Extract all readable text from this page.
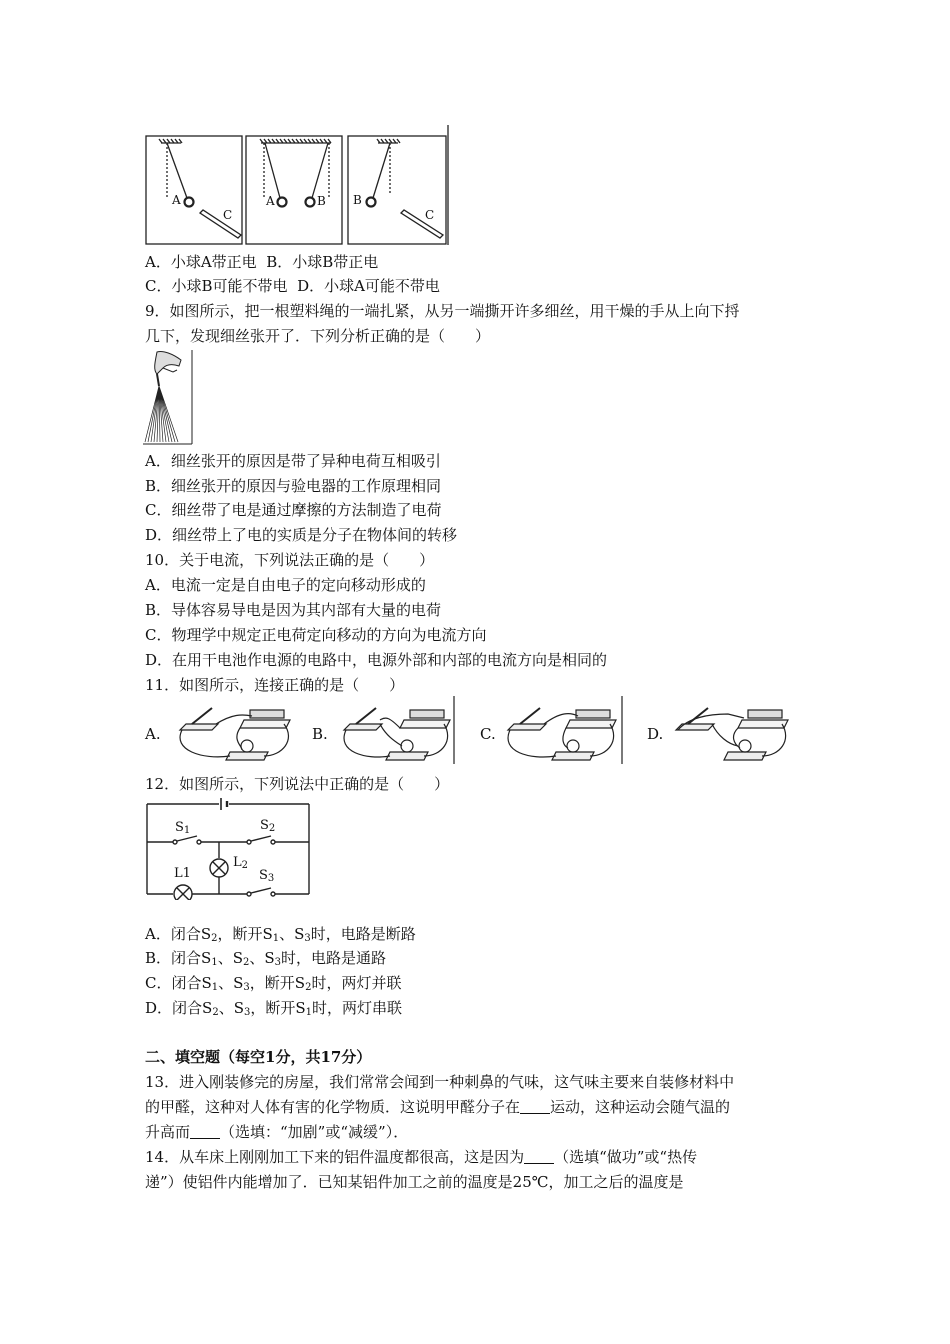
A
C
A	B B
C
A．小球A带正电 B．小球B带正电
C．小球B可能不带电 D．小球A可能不带电
9．如图所示，把一根塑料绳的一端扎紧，从另一端撕开许多细丝，用干燥的手从上向下捋
几下，发现细丝张开了．下列分析正确的是（　　）
A．细丝张开的原因是带了异种电荷互相吸引
B．细丝张开的原因与验电器的工作原理相同
C．细丝带了电是通过摩擦的方法制造了电荷
D．细丝带上了电的实质是分子在物体间的转移
10．关于电流，下列说法正确的是（　　）
A．电流一定是自由电子的定向移动形成的
B．导体容易导电是因为其内部有大量的电荷
C．物理学中规定正电荷定向移动的方向为电流方向
D．在用干电池作电源的电路中，电源外部和内部的电流方向是相同的
11．如图所示，连接正确的是（　　）
A.	B.	C.	D.
12．如图所示，下列说法中正确的是（　　）
$S_1$	$S_2$
$L_2$
L1	$S_3$
A．闭合$S_2$，断开$S_1$、$S_3$时，电路是断路
B．闭合$S_1$、$S_2$、$S_3$时，电路是通路
C．闭合$S_1$、$S_3$，断开$S_2$时，两灯并联
D．闭合$S_2$、$S_3$，断开$S_1$时，两灯串联
二、填空题（每空1分，共17分）
13．进入刚装修完的房屋，我们常常会闻到一种刺鼻的气味，这气味主要来自装修材料中
的甲醛，这种对人体有害的化学物质．这说明甲醛分子在 运动，这种运动会随气温的
升高而 （选填：“加剧”或“减缓”）．
14．从车床上刚刚加工下来的铝件温度都很高，这是因为 （选填“做功”或“热传
递”）使铝件内能增加了．已知某铝件加工之前的温度是25℃，加工之后的温度是
